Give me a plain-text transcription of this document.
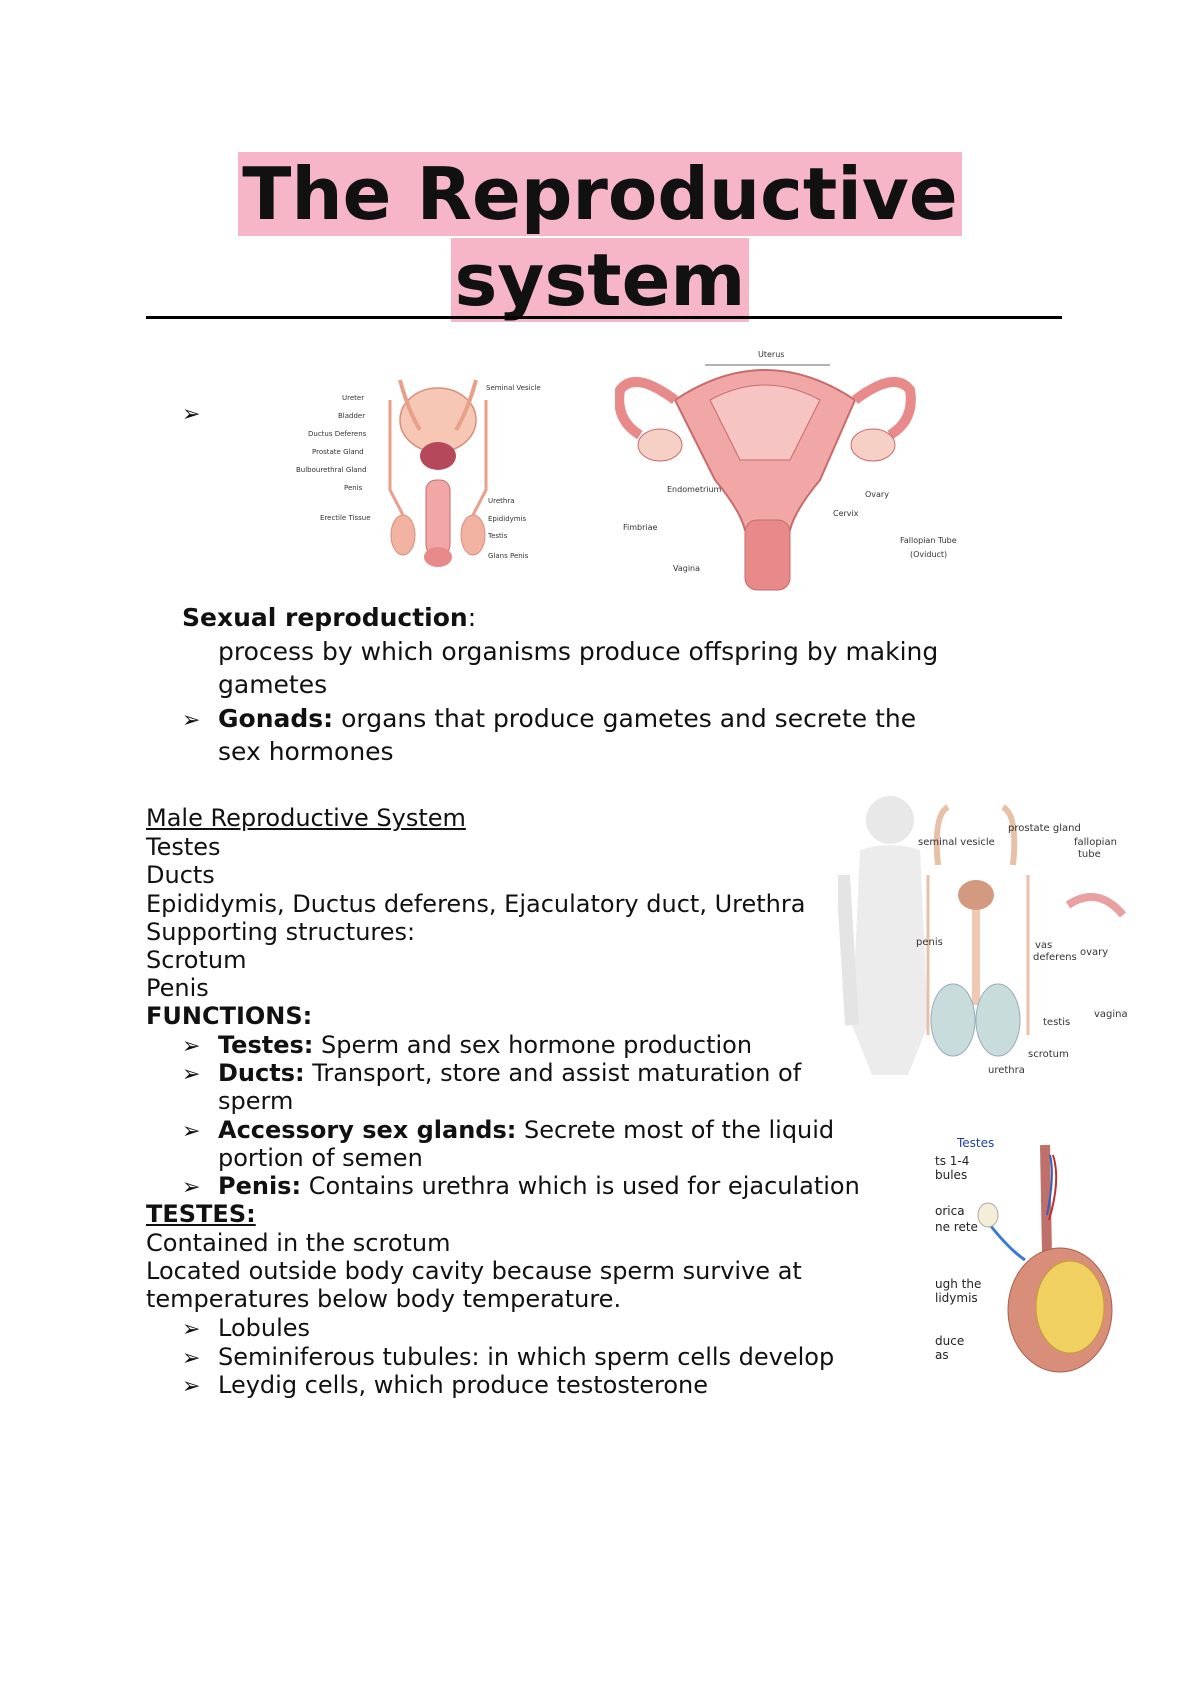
The Reproductive
system
➢
Ureter
Bladder
Ductus Deferens
Prostate Gland
Bulbourethral Gland
Penis
Erectile Tissue
Seminal Vesicle
Urethra
Epididymis
Testis
Glans Penis
Uterus
Endometrium
Fimbriae
Vagina
Ovary
Cervix
Fallopian Tube
(Oviduct)
Sexual reproduction:
process by which organisms produce offspring by making
gametes
➢ Gonads: organs that produce gametes and secrete the
sex hormones
Male Reproductive System
Testes
Ducts
Epididymis, Ductus deferens, Ejaculatory duct, Urethra
Supporting structures:
Scrotum
Penis
FUNCTIONS:
➢ Testes: Sperm and sex hormone production
➢ Ducts: Transport, store and assist maturation of
sperm
➢ Accessory sex glands: Secrete most of the liquid
portion of semen
➢ Penis: Contains urethra which is used for ejaculation
TESTES:
Contained in the scrotum
Located outside body cavity because sperm survive at
temperatures below body temperature.
➢ Lobules
➢ Seminiferous tubules: in which sperm cells develop
➢ Leydig cells, which produce testosterone
prostate gland
seminal vesicle	fallopian
tube
penis	vas
deferens ovary
testis
scrotum
urethra
vagina
Testes
ts 1-4
bules
orica
ne rete
ugh the
lidymis
duce
as
